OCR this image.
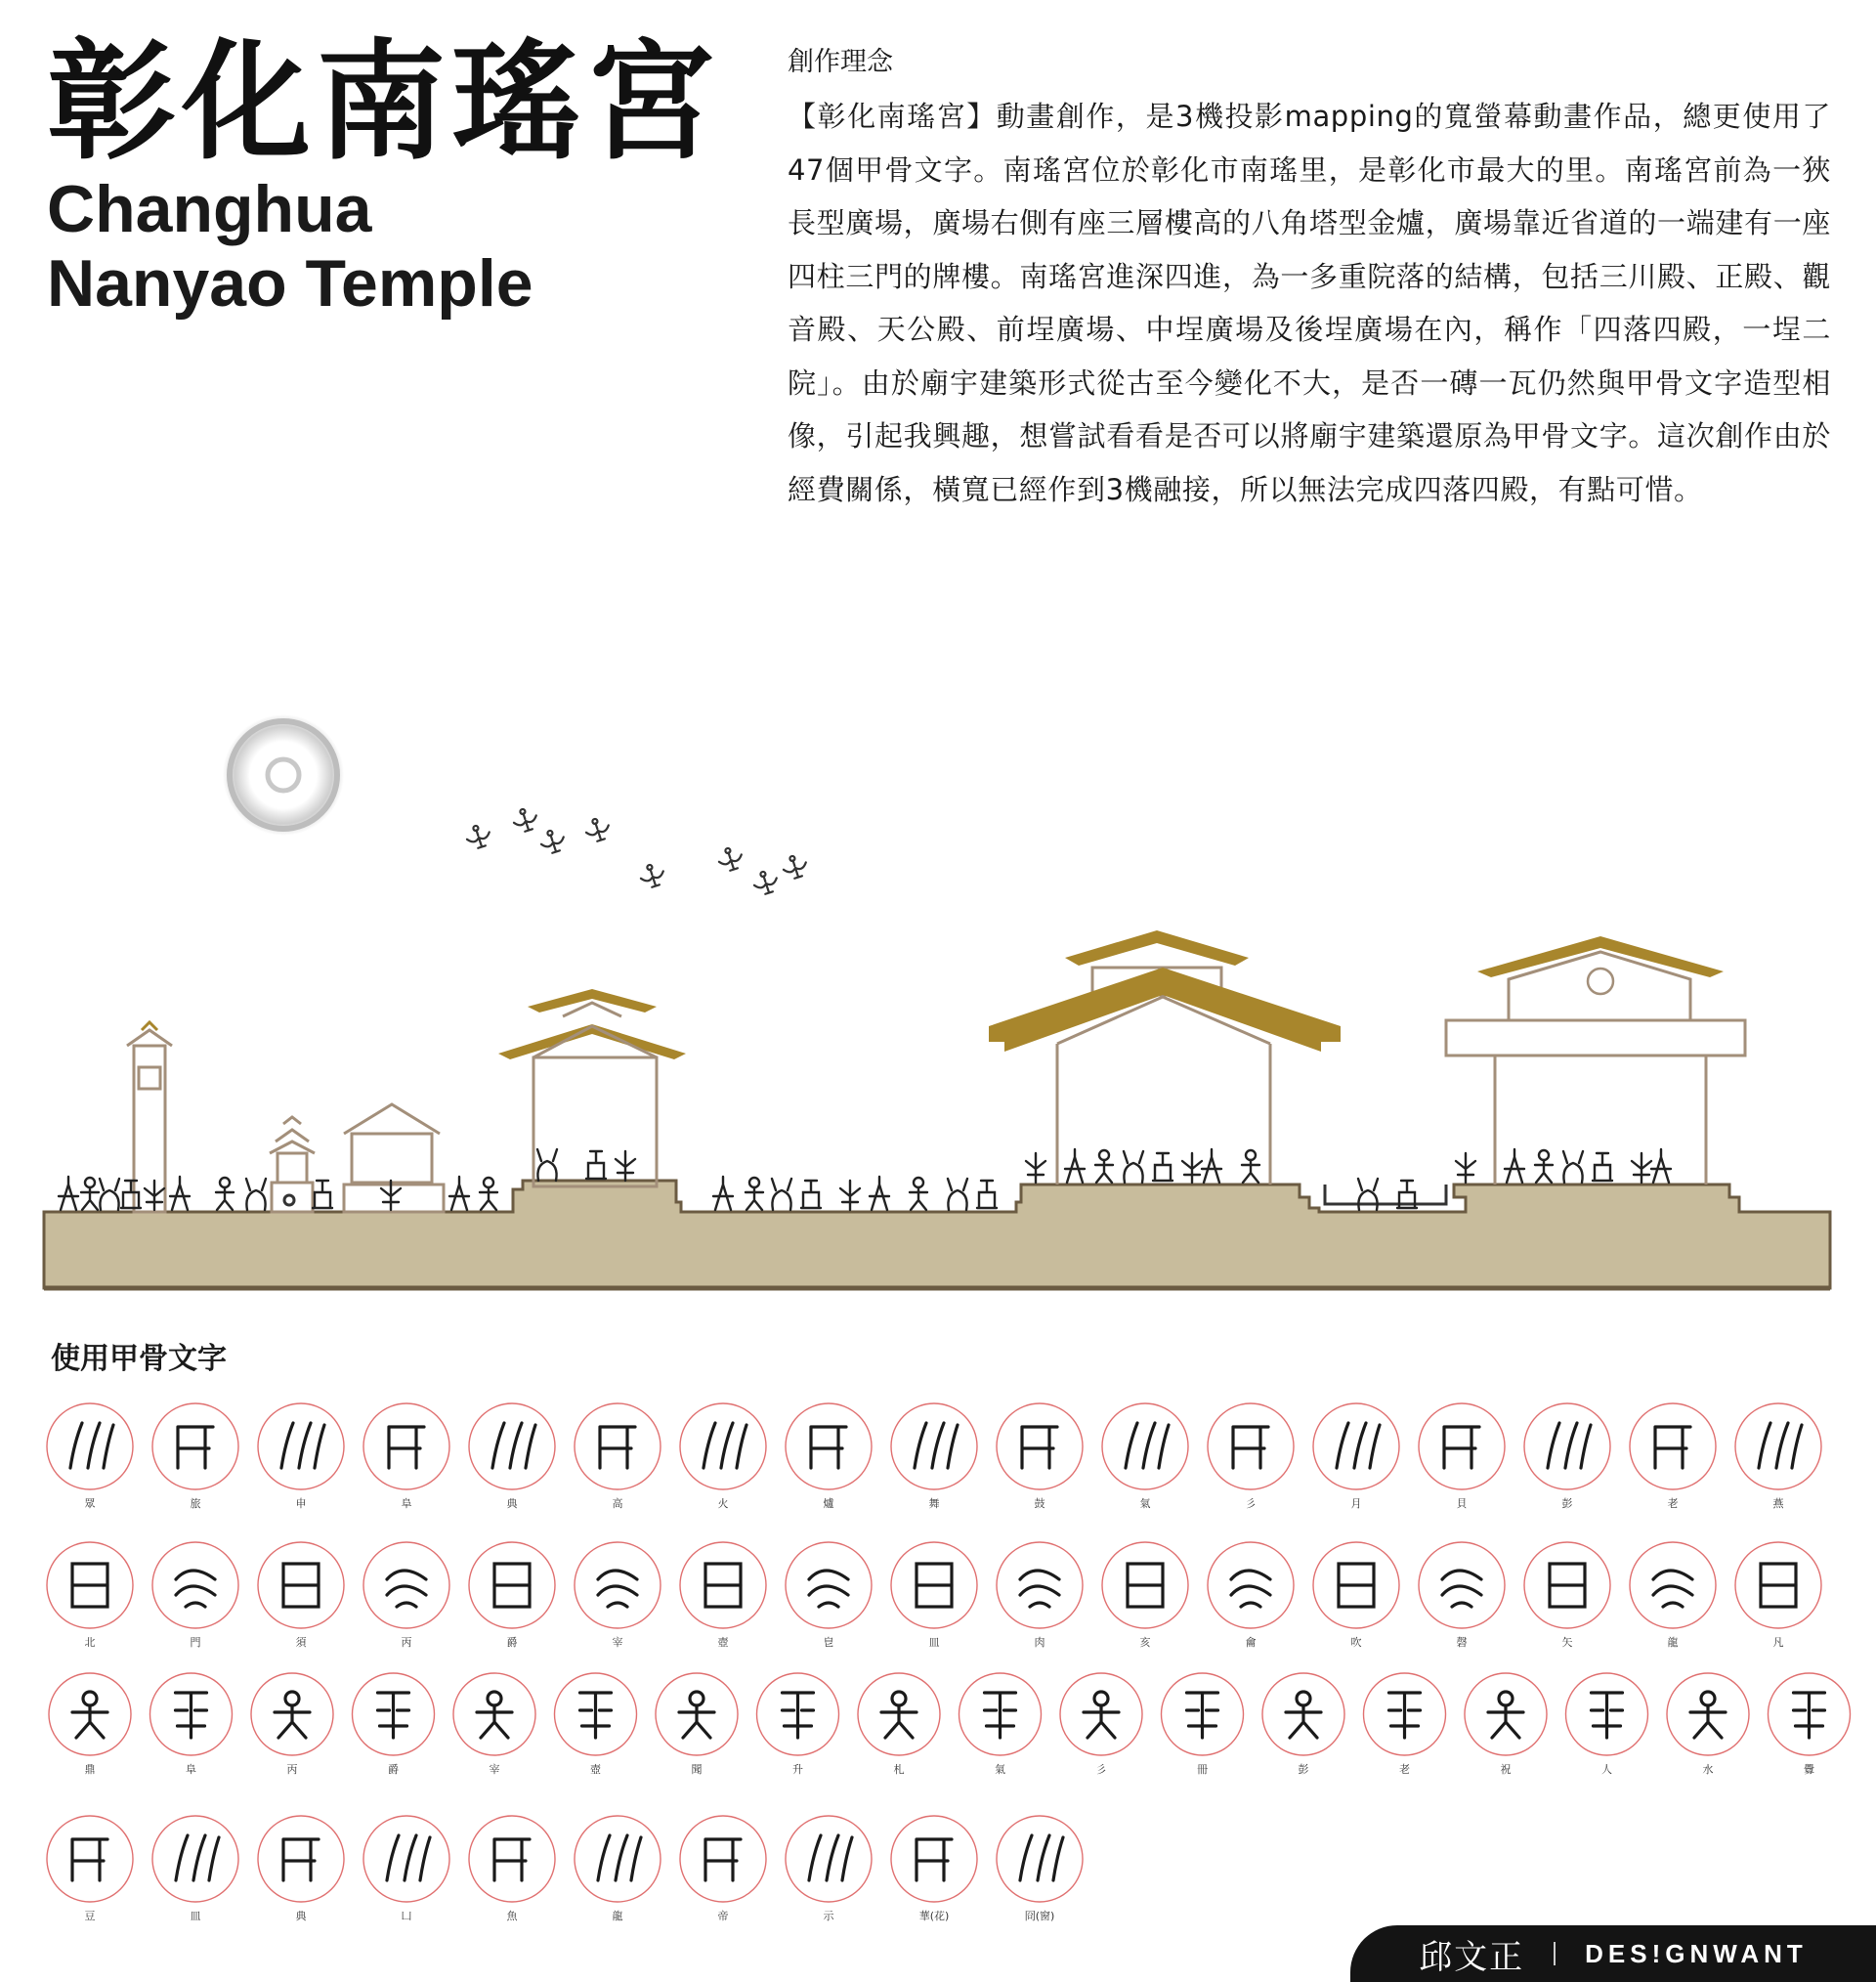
彰化南瑤宮
Changhua
Nanyao Temple
創作理念

【彰化南瑤宮】動畫創作，是3機投影mapping的寬螢幕動畫作品，總更使用了47個甲骨文字。南瑤宮位於彰化市南瑤里，是彰化市最大的里。南瑤宮前為一狹長型廣場，廣場右側有座三層樓高的八角塔型金爐，廣場靠近省道的一端建有一座四柱三門的牌樓。南瑤宮進深四進，為一多重院落的結構，包括三川殿、正殿、觀音殿、天公殿、前埕廣場、中埕廣場及後埕廣場在內，稱作「四落四殿，一埕二院」。由於廟宇建築形式從古至今變化不大，是否一磚一瓦仍然與甲骨文字造型相像，引起我興趣，想嘗試看看是否可以將廟宇建築還原為甲骨文字。這次創作由於經費關係，橫寬已經作到3機融接，所以無法完成四落四殿，有點可惜。

使用甲骨文字
眾	旅	申	阜	典	高	火	爐	舞	鼓	氣	彡	月	貝	彭	老	燕
北	門	須	丙	爵	宰	壺	皀	皿	肉	亥	龠	吹	磬	矢	龍	凡
鼎	阜	丙	爵	宰	壺	聞	升	札	氣	彡	冊	彭	老	祝	人	水	釁
豆	皿	典	凵	魚	龍	帝	示	華(花)	冏(窗)
邱文正 DES!GNWANT
